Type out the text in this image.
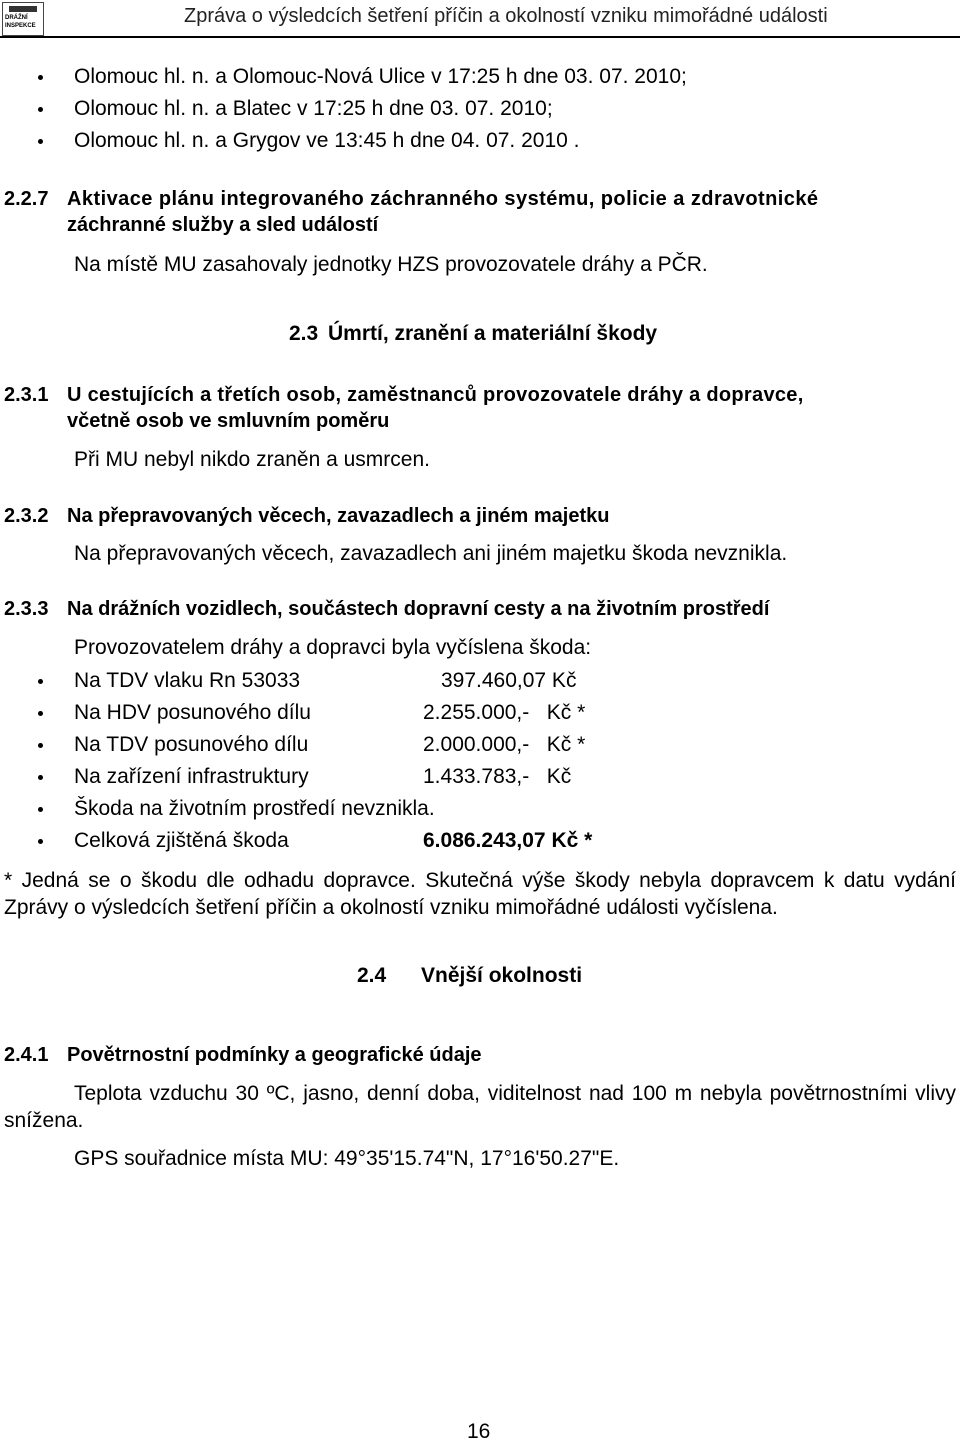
DRÁŽNÍ
INSPEKCE	Zpráva o výsledcích šetření příčin a okolností vzniku mimořádné události
Olomouc hl. n. a Olomouc-Nová Ulice v 17:25 h dne 03. 07. 2010;
Olomouc hl. n. a Blatec v 17:25 h dne 03. 07. 2010;
Olomouc hl. n. a Grygov ve 13:45 h dne 04. 07. 2010 .
2.2.7 Aktivace plánu integrovaného záchranného systému, policie a zdravotnické
záchranné služby a sled událostí
Na místě MU zasahovaly jednotky HZS provozovatele dráhy a PČR.
2.3 Úmrtí, zranění a materiální škody
2.3.1 U cestujících a třetích osob, zaměstnanců provozovatele dráhy a dopravce,
včetně osob ve smluvním poměru
Při MU nebyl nikdo zraněn a usmrcen.
2.3.2 Na přepravovaných věcech, zavazadlech a jiném majetku
Na přepravovaných věcech, zavazadlech ani jiném majetku škoda nevznikla.
2.3.3 Na drážních vozidlech, součástech dopravní cesty a na životním prostředí
Provozovatelem dráhy a dopravci byla vyčíslena škoda:
Na TDV vlaku Rn 53033	397.460,07 Kč
Na HDV posunového dílu	2.255.000,-   Kč *
Na TDV posunového dílu	2.000.000,-   Kč *
Na zařízení infrastruktury	1.433.783,-   Kč
Škoda na životním prostředí nevznikla.
Celková zjištěná škoda	6.086.243,07 Kč *
* Jedná se o škodu dle odhadu dopravce. Skutečná výše škody nebyla dopravcem k datu vydání Zprávy o výsledcích šetření příčin a okolností vzniku mimořádné události vyčíslena.
2.4 Vnější okolnosti
2.4.1 Povětrnostní podmínky a geografické údaje
Teplota vzduchu 30 ºC, jasno, denní doba, viditelnost nad 100 m nebyla povětrnostními vlivy snížena.
GPS souřadnice místa MU: 49°35'15.74"N, 17°16'50.27"E.
16
